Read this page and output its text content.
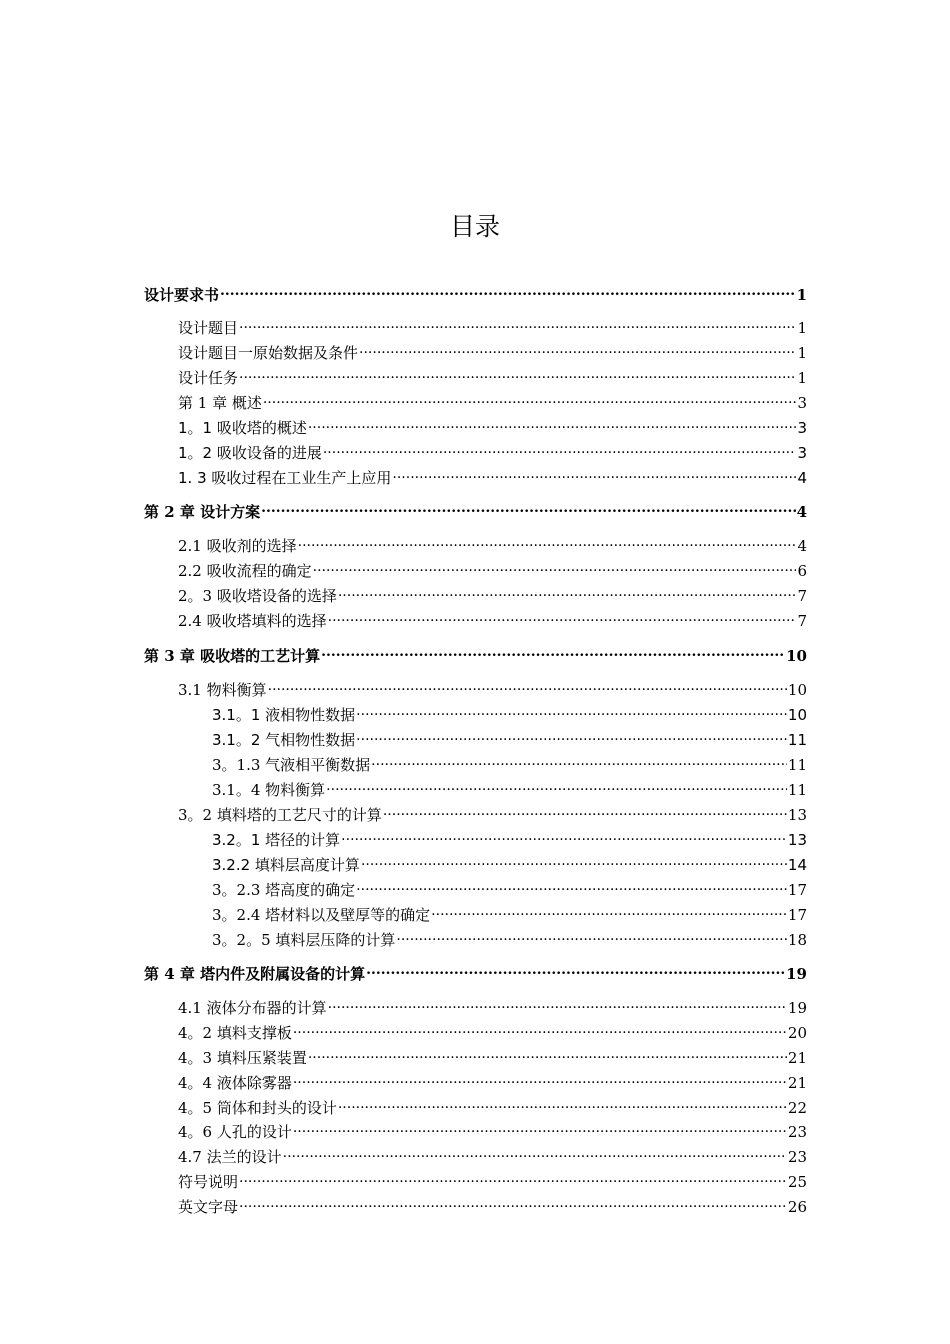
目录
设计要求书 .....	1
设计题目 .....	1
设计题目一原始数据及条件 .....	1
设计任务 .....	1
第 1 章 概述 .....	3
1。1 吸收塔的概述 .....	3
1。2 吸收设备的进展 .....	3
1. 3 吸收过程在工业生产上应用 .....	4
第 2 章 设计方案 .....	4
2.1 吸收剂的选择 .....	4
2.2 吸收流程的确定 .....	6
2。3 吸收塔设备的选择 .....	7
2.4 吸收塔填料的选择 .....	7
第 3 章 吸收塔的工艺计算 .....	10
3.1 物料衡算 .....	10
3.1。1 液相物性数据 .....	10
3.1。2 气相物性数据 .....	11
3。1.3 气液相平衡数据 .....	11
3.1。4 物料衡算 .....	11
3。2 填料塔的工艺尺寸的计算 .....	13
3.2。1 塔径的计算 .....	13
3.2.2 填料层高度计算 .....	14
3。2.3 塔高度的确定 .....	17
3。2.4 塔材料以及壁厚等的确定 .....	17
3。2。5 填料层压降的计算 .....	18
第 4 章 塔内件及附属设备的计算 .....	19
4.1 液体分布器的计算 .....	19
4。2 填料支撑板 .....	20
4。3 填料压紧装置 .....	21
4。4 液体除雾器 .....	21
4。5 筒体和封头的设计 .....	22
4。6 人孔的设计 .....	23
4.7 法兰的设计 .....	23
符号说明 .....	25
英文字母 .....	26
